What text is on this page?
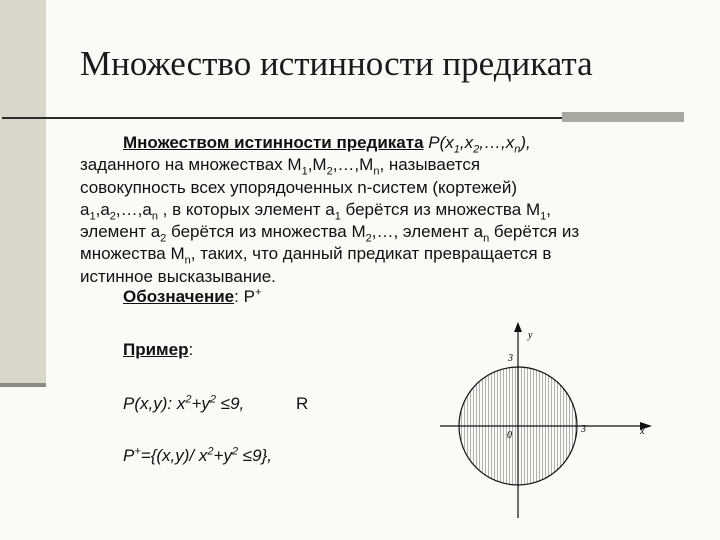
Множество истинности предиката
Множеством истинности предиката $P(x_1,x_2,\dots,x_n)$,
заданного на множествах $M_1,M_2,\dots,M_n$, называется
совокупность всех упорядоченных n-систем (кортежей)
$a_1,a_2,\dots,a_n$ , в которых элемент $a_1$ берётся из множества $M_1$,
элемент $a_2$ берётся из множества $M_2,\dots$, элемент $a_n$ берётся из
множества $M_n$, таких, что данный предикат превращается в
истинное высказывание.
Обозначение: P+
Пример:
P(x,y): $x^2+y^2 \le 9$,	R
P+={(x,y)/ $x^2+y^2 \le 9$},
y
x
3
3
0
